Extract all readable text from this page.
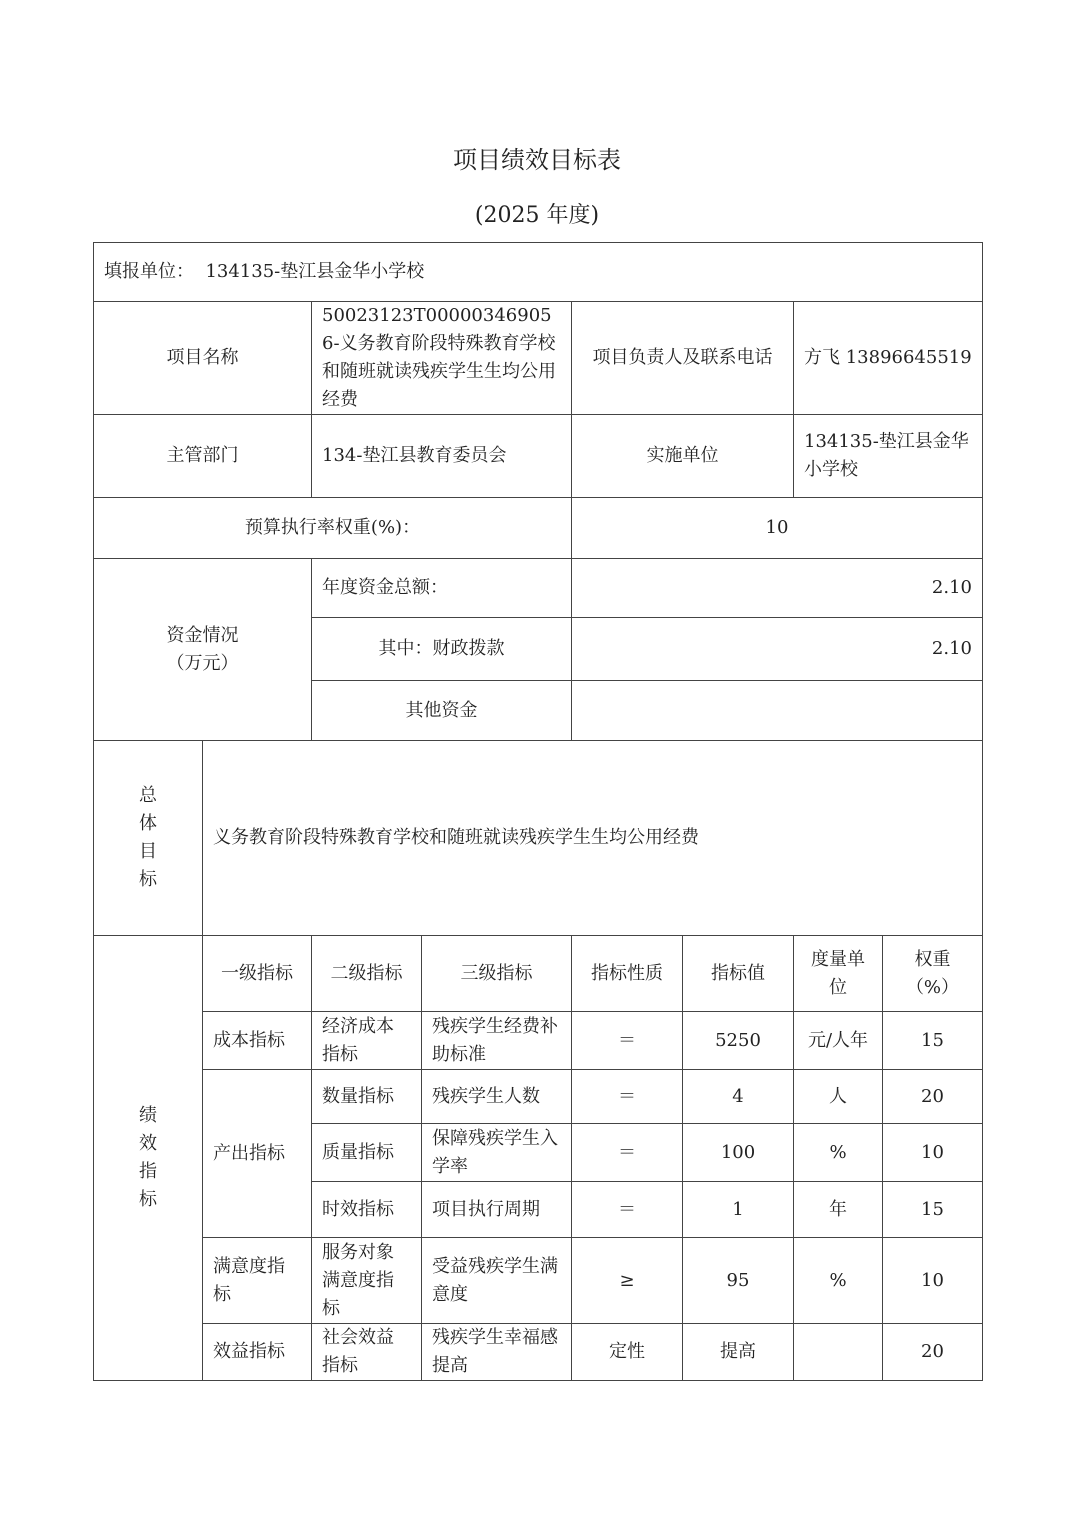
项目绩效目标表
(2025 年度)
填报单位： 134135-垫江县金华小学校							
项目名称		50023123T000003469056-义务教育阶段特殊教育学校和随班就读残疾学生生均公用经费		项目负责人及联系电话		方飞 13896645519	
主管部门		134-垫江县教育委员会		实施单位		134135-垫江县金华小学校	
预算执行率权重(%)：				10			

资金情况
（万元）		年度资金总额：		2.10			
		其中：财政拨款		2.10			
		其他资金					

总
体
目
标	义务教育阶段特殊教育学校和随班就读残疾学生生均公用经费						

绩
效
指
标	一级指标	二级指标	三级指标	指标性质	指标值	度量单位	权重（%）
	成本指标	经济成本指标	残疾学生经费补助标准	＝	5250	元/人年	15
	产出指标	数量指标	残疾学生人数	＝	4	人	20
		质量指标	保障残疾学生入学率	＝	100	%	10
		时效指标	项目执行周期	＝	1	年	15
	满意度指标	服务对象满意度指标	受益残疾学生满意度	≥	95	%	10
	效益指标	社会效益指标	残疾学生幸福感提高	定性	提高		20
